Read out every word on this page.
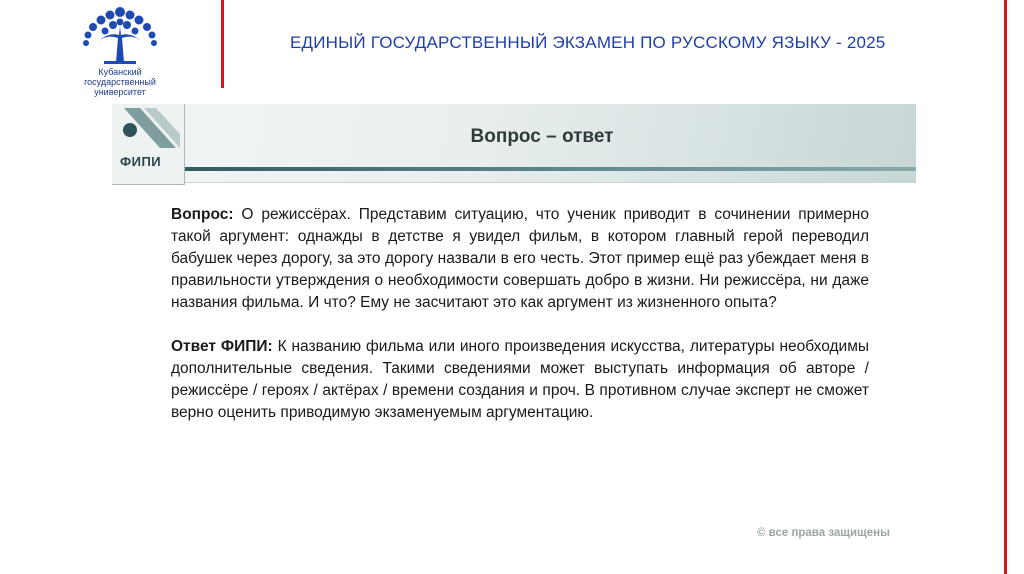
Кубанский
государственный
университет
ЕДИНЫЙ ГОСУДАРСТВЕННЫЙ ЭКЗАМЕН ПО РУССКОМУ ЯЗЫКУ - 2025
ФИПИ
Вопрос – ответ

Вопрос: О режиссёрах. Представим ситуацию, что ученик приводит в сочинении примерно такой аргумент: однажды в детстве я увидел фильм, в котором главный герой переводил бабушек через дорогу, за это дорогу назвали в его честь. Этот пример ещё раз убеждает меня в правильности утверждения о необходимости совершать добро в жизни. Ни режиссёра, ни даже названия фильма. И что? Ему не засчитают это как аргумент из жизненного опыта?

Ответ ФИПИ: К названию фильма или иного произведения искусства, литературы необходимы дополнительные сведения. Такими сведениями может выступать информация об авторе / режиссёре / героях / актёрах / времени создания и проч. В противном случае эксперт не сможет верно оценить приводимую экзаменуемым аргументацию.

© все права защищены
